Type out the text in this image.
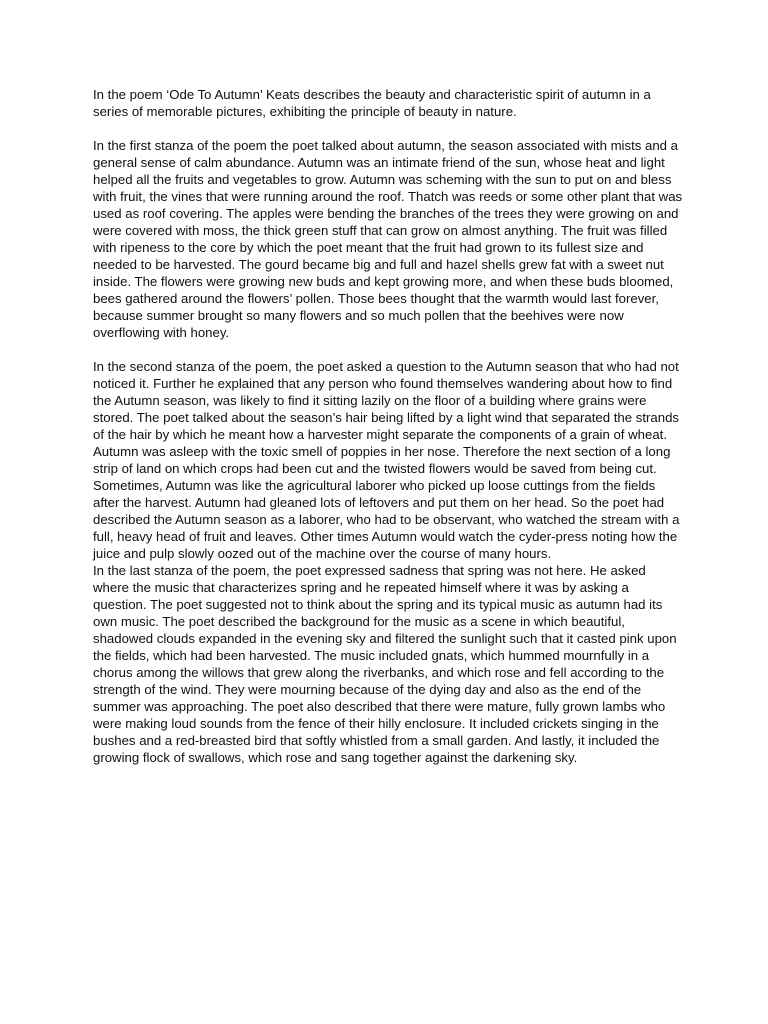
In the poem ‘Ode To Autumn’ Keats describes the beauty and characteristic spirit of autumn in a series of memorable pictures, exhibiting the principle of beauty in nature.

In the first stanza of the poem the poet talked about autumn, the season associated with mists and a general sense of calm abundance. Autumn was an intimate friend of the sun, whose heat and light helped all the fruits and vegetables to grow. Autumn was scheming with the sun to put on and bless with fruit, the vines that were running around the roof. Thatch was reeds or some other plant that was used as roof covering. The apples were bending the branches of the trees they were growing on and were covered with moss, the thick green stuff that can grow on almost anything. The fruit was filled with ripeness to the core by which the poet meant that the fruit had grown to its fullest size and needed to be harvested. The gourd became big and full and hazel shells grew fat with a sweet nut inside. The flowers were growing new buds and kept growing more, and when these buds bloomed, bees gathered around the flowers’ pollen. Those bees thought that the warmth would last forever, because summer brought so many flowers and so much pollen that the beehives were now overflowing with honey.

In the second stanza of the poem, the poet asked a question to the Autumn season that who had not noticed it. Further he explained that any person who found themselves wandering about how to find the Autumn season, was likely to find it sitting lazily on the floor of a building where grains were stored. The poet talked about the season’s hair being lifted by a light wind that separated the strands of the hair by which he meant how a harvester might separate the components of a grain of wheat. Autumn was asleep with the toxic smell of poppies in her nose. Therefore the next section of a long strip of land on which crops had been cut and the twisted flowers would be saved from being cut. Sometimes, Autumn was like the agricultural laborer who picked up loose cuttings from the fields after the harvest. Autumn had gleaned lots of leftovers and put them on her head. So the poet had described the Autumn season as a laborer, who had to be observant, who watched the stream with a full, heavy head of fruit and leaves. Other times Autumn would watch the cyder-press noting how the juice and pulp slowly oozed out of the machine over the course of many hours.

In the last stanza of the poem, the poet expressed sadness that spring was not here. He asked where the music that characterizes spring and he repeated himself where it was by asking a question. The poet suggested not to think about the spring and its typical music as autumn had its own music. The poet described the background for the music as a scene in which beautiful, shadowed clouds expanded in the evening sky and filtered the sunlight such that it casted pink upon the fields, which had been harvested. The music included gnats, which hummed mournfully in a chorus among the willows that grew along the riverbanks, and which rose and fell according to the strength of the wind. They were mourning because of the dying day and also as the end of the summer was approaching. The poet also described that there were mature, fully grown lambs who were making loud sounds from the fence of their hilly enclosure. It included crickets singing in the bushes and a red-breasted bird that softly whistled from a small garden. And lastly, it included the growing flock of swallows, which rose and sang together against the darkening sky.
